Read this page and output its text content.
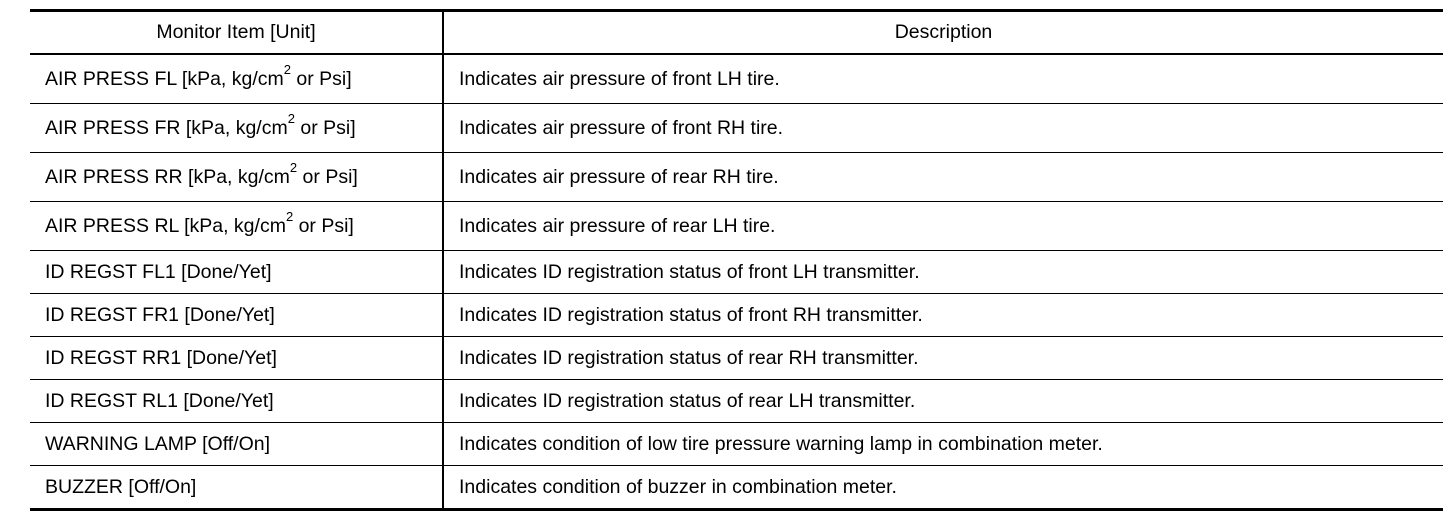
Monitor Item [Unit]	Description
AIR PRESS FL [kPa, $kg/cm^2$ or Psi]	Indicates air pressure of front LH tire.
AIR PRESS FR [kPa, $kg/cm^2$ or Psi]	Indicates air pressure of front RH tire.
AIR PRESS RR [kPa, $kg/cm^2$ or Psi]	Indicates air pressure of rear RH tire.
AIR PRESS RL [kPa, $kg/cm^2$ or Psi]	Indicates air pressure of rear LH tire.
ID REGST FL1 [Done/Yet]	Indicates ID registration status of front LH transmitter.
ID REGST FR1 [Done/Yet]	Indicates ID registration status of front RH transmitter.
ID REGST RR1 [Done/Yet]	Indicates ID registration status of rear RH transmitter.
ID REGST RL1 [Done/Yet]	Indicates ID registration status of rear LH transmitter.
WARNING LAMP [Off/On]	Indicates condition of low tire pressure warning lamp in combination meter.
BUZZER [Off/On]	Indicates condition of buzzer in combination meter.
